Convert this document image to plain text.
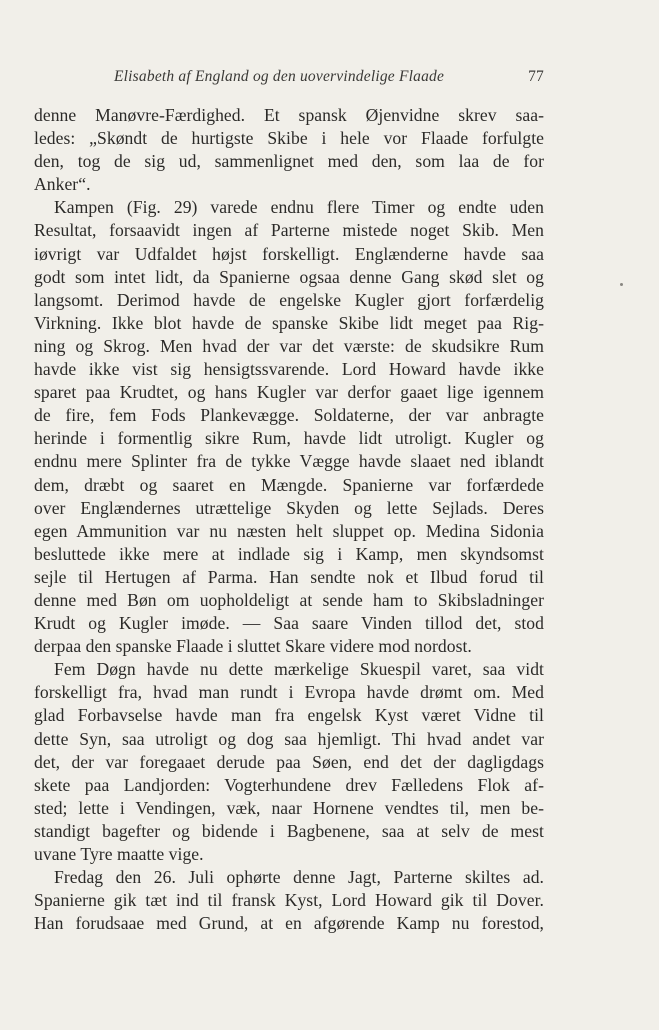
Elisabeth af England og den uovervindelige Flaade	77
denne Manøvre-Færdighed. Et spansk Øjenvidne skrev saa-
ledes: „Skøndt de hurtigste Skibe i hele vor Flaade forfulgte
den, tog de sig ud, sammenlignet med den, som laa de for
Anker“.
Kampen (Fig. 29) varede endnu flere Timer og endte uden
Resultat, forsaavidt ingen af Parterne mistede noget Skib. Men
iøvrigt var Udfaldet højst forskelligt. Englænderne havde saa
godt som intet lidt, da Spanierne ogsaa denne Gang skød slet og
langsomt. Derimod havde de engelske Kugler gjort forfærdelig
Virkning. Ikke blot havde de spanske Skibe lidt meget paa Rig-
ning og Skrog. Men hvad der var det værste: de skudsikre Rum
havde ikke vist sig hensigtssvarende. Lord Howard havde ikke
sparet paa Krudtet, og hans Kugler var derfor gaaet lige igennem
de fire, fem Fods Plankevægge. Soldaterne, der var anbragte
herinde i formentlig sikre Rum, havde lidt utroligt. Kugler og
endnu mere Splinter fra de tykke Vægge havde slaaet ned iblandt
dem, dræbt og saaret en Mængde. Spanierne var forfærdede
over Englændernes utrættelige Skyden og lette Sejlads. Deres
egen Ammunition var nu næsten helt sluppet op. Medina Sidonia
besluttede ikke mere at indlade sig i Kamp, men skyndsomst
sejle til Hertugen af Parma. Han sendte nok et Ilbud forud til
denne med Bøn om uopholdeligt at sende ham to Skibsladninger
Krudt og Kugler imøde. — Saa saare Vinden tillod det, stod
derpaa den spanske Flaade i sluttet Skare videre mod nordost.
Fem Døgn havde nu dette mærkelige Skuespil varet, saa vidt
forskelligt fra, hvad man rundt i Evropa havde drømt om. Med
glad Forbavselse havde man fra engelsk Kyst været Vidne til
dette Syn, saa utroligt og dog saa hjemligt. Thi hvad andet var
det, der var foregaaet derude paa Søen, end det der dagligdags
skete paa Landjorden: Vogterhundene drev Fælledens Flok af-
sted; lette i Vendingen, væk, naar Hornene vendtes til, men be-
standigt bagefter og bidende i Bagbenene, saa at selv de mest
uvane Tyre maatte vige.
Fredag den 26. Juli ophørte denne Jagt, Parterne skiltes ad.
Spanierne gik tæt ind til fransk Kyst, Lord Howard gik til Dover.
Han forudsaae med Grund, at en afgørende Kamp nu forestod,
